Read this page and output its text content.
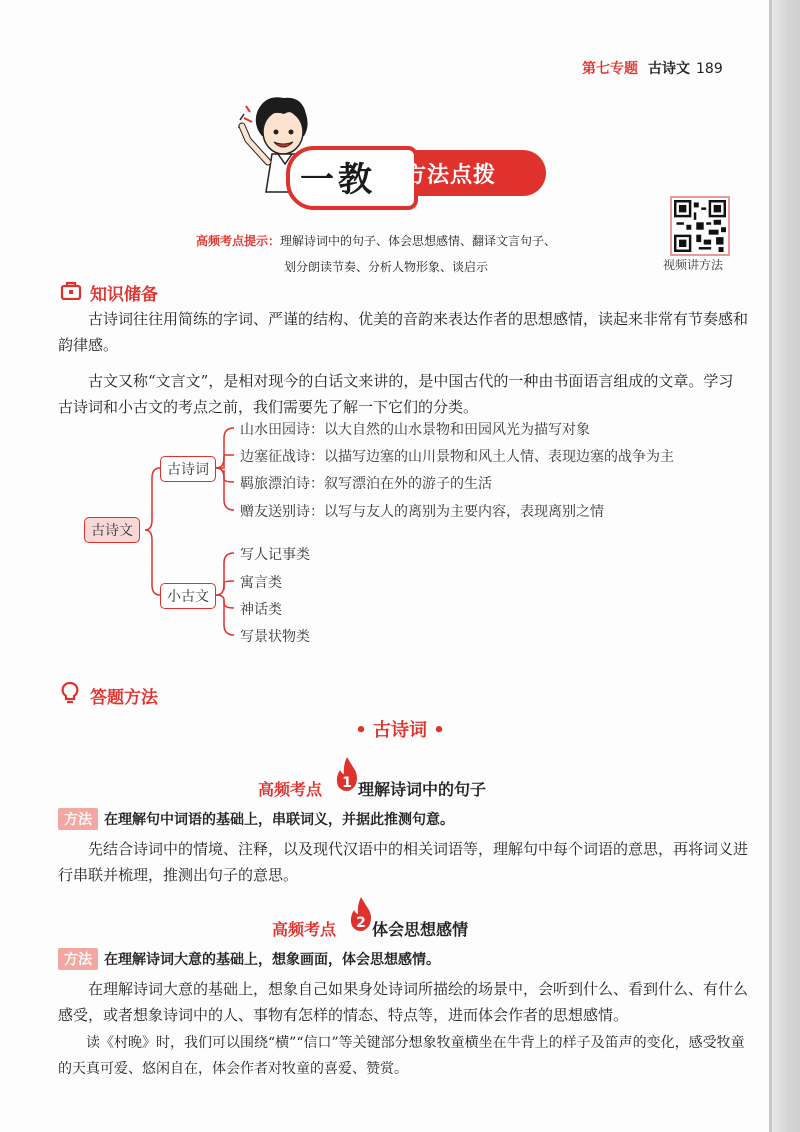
第七专题 古诗文 189
一教 方法点拨
高频考点提示：理解诗词中的句子、体会思想感情、翻译文言句子、
划分朗读节奏、分析人物形象、谈启示	视频讲方法
知识储备
古诗词往往用简练的字词、严谨的结构、优美的音韵来表达作者的思想感情，读起来非常有节奏感和韵律感。
古文又称“文言文”，是相对现今的白话文来讲的，是中国古代的一种由书面语言组成的文章。学习古诗词和小古文的考点之前，我们需要先了解一下它们的分类。
古诗文
古诗词
小古文
山水田园诗：以大自然的山水景物和田园风光为描写对象
边塞征战诗：以描写边塞的山川景物和风土人情、表现边塞的战争为主
羁旅漂泊诗：叙写漂泊在外的游子的生活
赠友送别诗：以写与友人的离别为主要内容，表现离别之情
写人记事类
寓言类
神话类
写景状物类
答题方法
• 古诗词 •
高频考点 理解诗词中的句子
1
方法 在理解句中词语的基础上，串联词义，并据此推测句意。
先结合诗词中的情境、注释，以及现代汉语中的相关词语等，理解句中每个词语的意思，再将词义进行串联并梳理，推测出句子的意思。
高频考点 体会思想感情
2
方法 在理解诗词大意的基础上，想象画面，体会思想感情。
在理解诗词大意的基础上，想象自己如果身处诗词所描绘的场景中，会听到什么、看到什么、有什么感受，或者想象诗词中的人、事物有怎样的情态、特点等，进而体会作者的思想感情。
读《村晚》时，我们可以围绕“横”“信口”等关键部分想象牧童横坐在牛背上的样子及笛声的变化，感受牧童的天真可爱、悠闲自在，体会作者对牧童的喜爱、赞赏。
